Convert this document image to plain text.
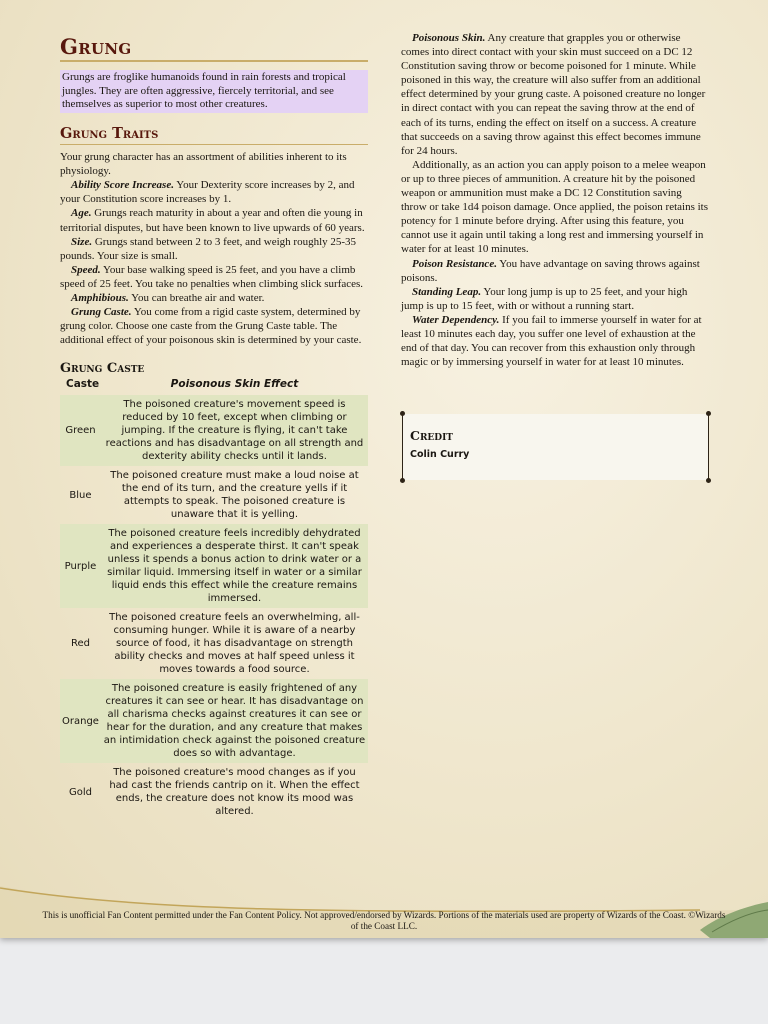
Grung
Grungs are froglike humanoids found in rain forests and tropical jungles. They are often aggressive, fiercely territorial, and see themselves as superior to most other creatures.
Grung Traits
Your grung character has an assortment of abilities inherent to its physiology.
Ability Score Increase. Your Dexterity score increases by 2, and your Constitution score increases by 1.
Age. Grungs reach maturity in about a year and often die young in territorial disputes, but have been known to live upwards of 60 years.
Size. Grungs stand between 2 to 3 feet, and weigh roughly 25-35 pounds. Your size is small.
Speed. Your base walking speed is 25 feet, and you have a climb speed of 25 feet. You take no penalties when climbing slick surfaces.
Amphibious. You can breathe air and water.
Grung Caste. You come from a rigid caste system, determined by grung color. Choose one caste from the Grung Caste table. The additional effect of your poisonous skin is determined by your caste.
Grung Caste
Caste	Poisonous Skin Effect
Green	The poisoned creature's movement speed is reduced by 10 feet, except when climbing or jumping. If the creature is flying, it can't take reactions and has disadvantage on all strength and dexterity ability checks until it lands.
Blue	The poisoned creature must make a loud noise at the end of its turn, and the creature yells if it attempts to speak. The poisoned creature is unaware that it is yelling.
Purple	The poisoned creature feels incredibly dehydrated and experiences a desperate thirst. It can't speak unless it spends a bonus action to drink water or a similar liquid. Immersing itself in water or a similar liquid ends this effect while the creature remains immersed.
Red	The poisoned creature feels an overwhelming, all-consuming hunger. While it is aware of a nearby source of food, it has disadvantage on strength ability checks and moves at half speed unless it moves towards a food source.
Orange	The poisoned creature is easily frightened of any creatures it can see or hear. It has disadvantage on all charisma checks against creatures it can see or hear for the duration, and any creature that makes an intimidation check against the poisoned creature does so with advantage.
Gold	The poisoned creature's mood changes as if you had cast the friends cantrip on it. When the effect ends, the creature does not know its mood was altered.
Poisonous Skin. Any creature that grapples you or otherwise comes into direct contact with your skin must succeed on a DC 12 Constitution saving throw or become poisoned for 1 minute. While poisoned in this way, the creature will also suffer from an additional effect determined by your grung caste. A poisoned creature no longer in direct contact with you can repeat the saving throw at the end of each of its turns, ending the effect on itself on a success. A creature that succeeds on a saving throw against this effect becomes immune for 24 hours.
Additionally, as an action you can apply poison to a melee weapon or up to three pieces of ammunition. A creature hit by the poisoned weapon or ammunition must make a DC 12 Constitution saving throw or take 1d4 poison damage. Once applied, the poison retains its potency for 1 minute before drying. After using this feature, you cannot use it again until taking a long rest and immersing yourself in water for at least 10 minutes.
Poison Resistance. You have advantage on saving throws against poisons.
Standing Leap. Your long jump is up to 25 feet, and your high jump is up to 15 feet, with or without a running start.
Water Dependency. If you fail to immerse yourself in water for at least 10 minutes each day, you suffer one level of exhaustion at the end of that day. You can recover from this exhaustion only through magic or by immersing yourself in water for at least 10 minutes.
Credit
Colin Curry
This is unofficial Fan Content permitted under the Fan Content Policy. Not approved/endorsed by Wizards. Portions of the materials used are property of Wizards of the Coast. ©Wizards of the Coast LLC.
